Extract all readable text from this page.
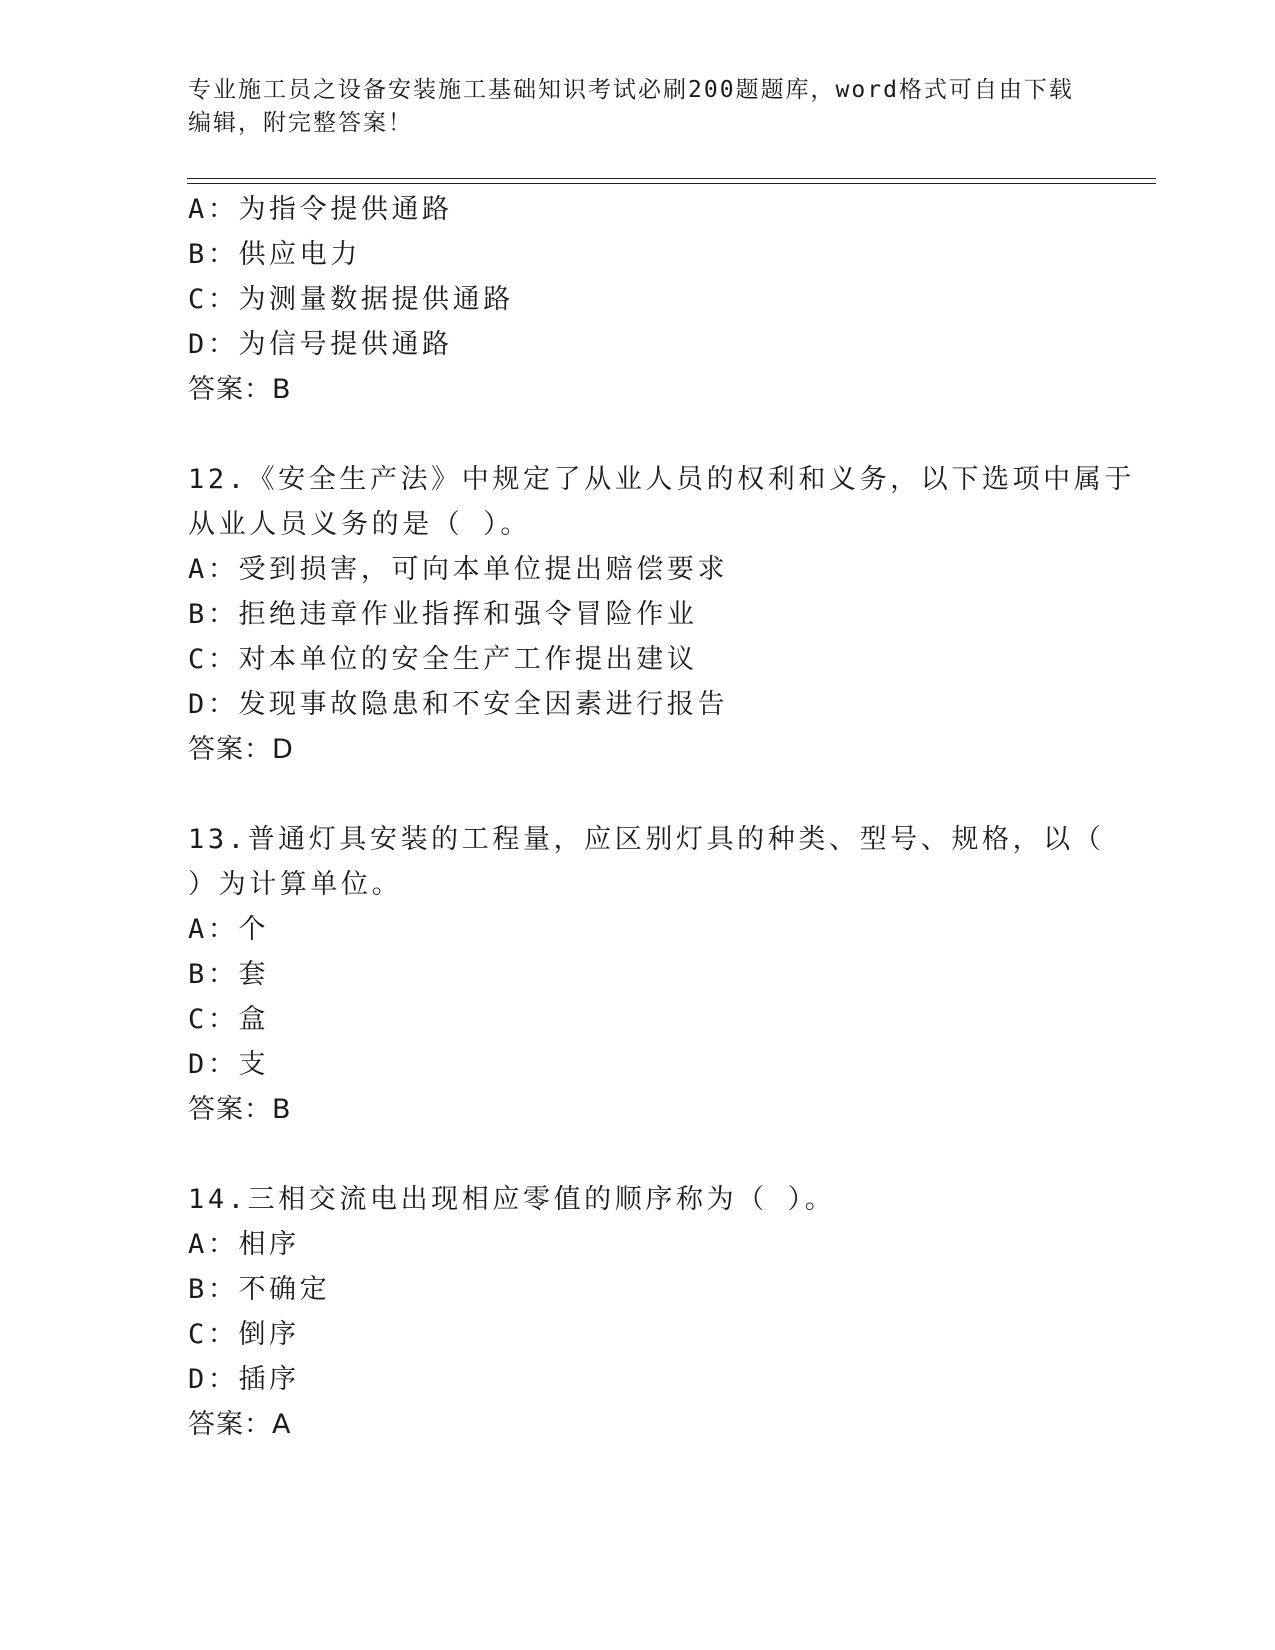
专业施工员之设备安装施工基础知识考试必刷200题题库，word格式可自由下载
编辑，附完整答案！
A：为指令提供通路
B：供应电力
C：为测量数据提供通路
D：为信号提供通路
答案：B
12.《安全生产法》中规定了从业人员的权利和义务，以下选项中属于
从业人员义务的是（ ）。
A：受到损害，可向本单位提出赔偿要求
B：拒绝违章作业指挥和强令冒险作业
C：对本单位的安全生产工作提出建议
D：发现事故隐患和不安全因素进行报告
答案：D
13.普通灯具安装的工程量，应区别灯具的种类、型号、规格，以（
）为计算单位。
A：个
B：套
C：盒
D：支
答案：B
14.三相交流电出现相应零值的顺序称为（ ）。
A：相序
B：不确定
C：倒序
D：插序
答案：A
